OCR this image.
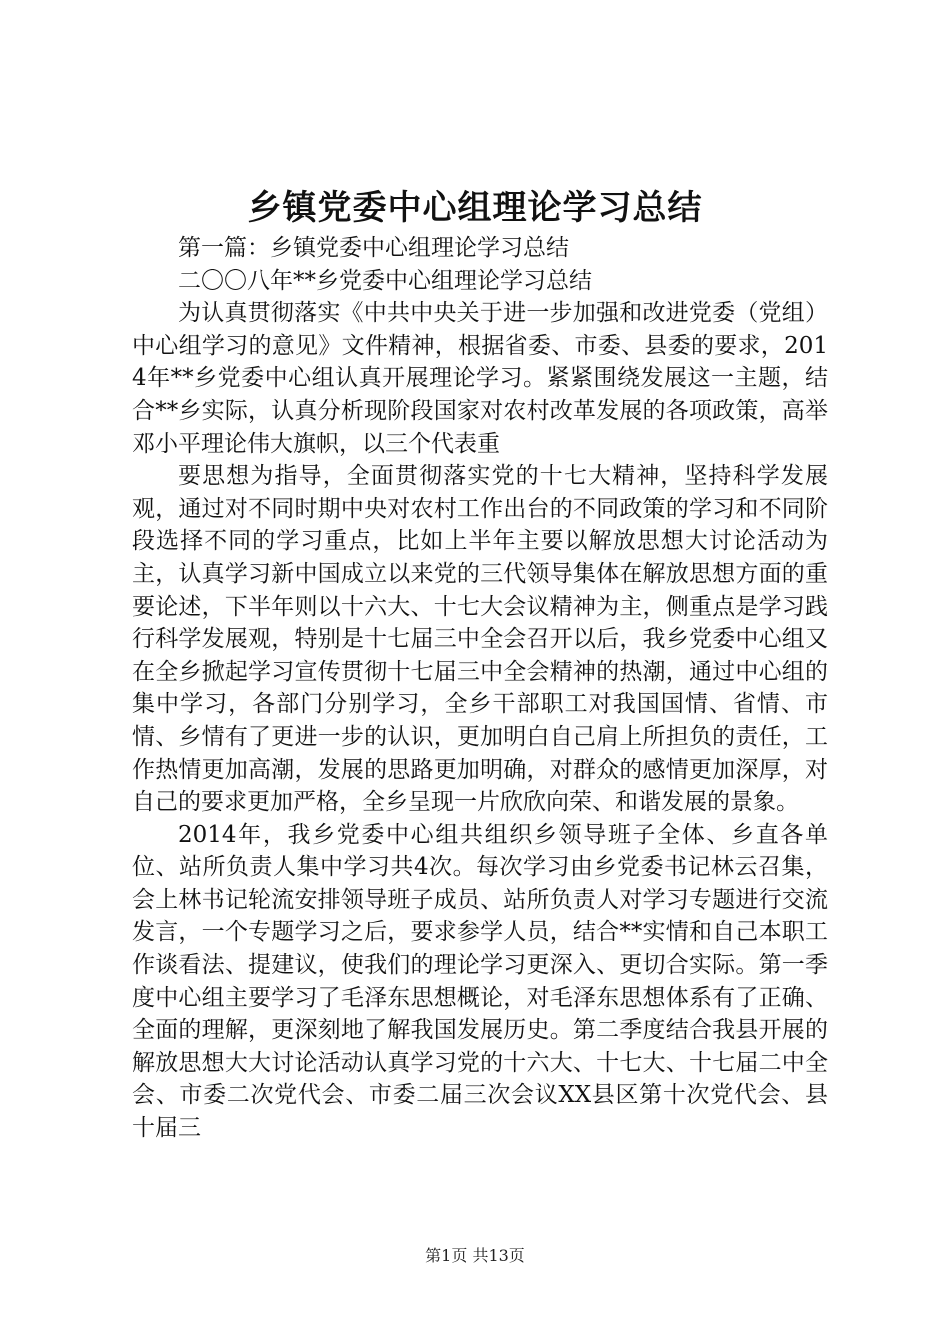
乡镇党委中心组理论学习总结

第一篇：乡镇党委中心组理论学习总结

二〇〇八年**乡党委中心组理论学习总结

为认真贯彻落实《中共中央关于进一步加强和改进党委（党组）中心组学习的意见》文件精神，根据省委、市委、县委的要求，2014年**乡党委中心组认真开展理论学习。紧紧围绕发展这一主题，结合**乡实际，认真分析现阶段国家对农村改革发展的各项政策，高举邓小平理论伟大旗帜，以三个代表重

要思想为指导，全面贯彻落实党的十七大精神，坚持科学发展观，通过对不同时期中央对农村工作出台的不同政策的学习和不同阶段选择不同的学习重点，比如上半年主要以解放思想大讨论活动为主，认真学习新中国成立以来党的三代领导集体在解放思想方面的重要论述，下半年则以十六大、十七大会议精神为主，侧重点是学习践行科学发展观，特别是十七届三中全会召开以后，我乡党委中心组又在全乡掀起学习宣传贯彻十七届三中全会精神的热潮，通过中心组的集中学习，各部门分别学习，全乡干部职工对我国国情、省情、市情、乡情有了更进一步的认识，更加明白自己肩上所担负的责任，工作热情更加高潮，发展的思路更加明确，对群众的感情更加深厚，对自己的要求更加严格，全乡呈现一片欣欣向荣、和谐发展的景象。

2014年，我乡党委中心组共组织乡领导班子全体、乡直各单位、站所负责人集中学习共4次。每次学习由乡党委书记林云召集，会上林书记轮流安排领导班子成员、站所负责人对学习专题进行交流发言，一个专题学习之后，要求参学人员，结合**实情和自己本职工作谈看法、提建议，使我们的理论学习更深入、更切合实际。第一季度中心组主要学习了毛泽东思想概论，对毛泽东思想体系有了正确、全面的理解，更深刻地了解我国发展历史。第二季度结合我县开展的解放思想大大讨论活动认真学习党的十六大、十七大、十七届二中全会、市委二次党代会、市委二届三次会议XX县区第十次党代会、县十届三

第1页 共13页
